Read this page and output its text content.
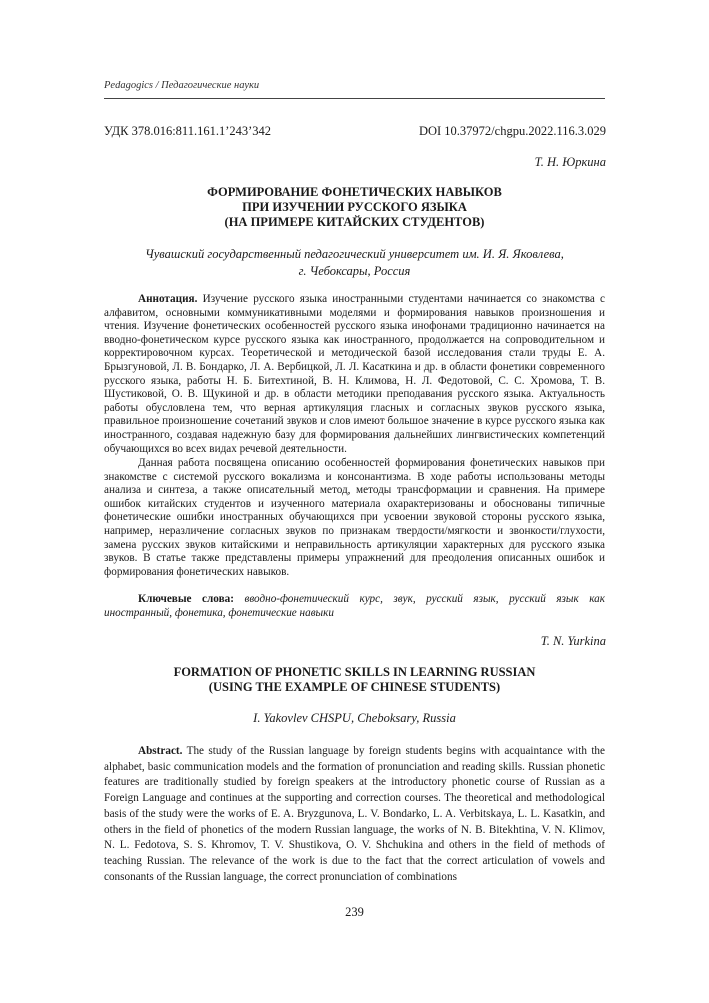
Pedagogics / Педагогические науки
УДК 378.016:811.161.1’243’342	DOI 10.37972/chgpu.2022.116.3.029
Т. Н. Юркина
ФОРМИРОВАНИЕ ФОНЕТИЧЕСКИХ НАВЫКОВ
ПРИ ИЗУЧЕНИИ РУССКОГО ЯЗЫКА
(НА ПРИМЕРЕ КИТАЙСКИХ СТУДЕНТОВ)
Чувашский государственный педагогический университет им. И. Я. Яковлева,
г. Чебоксары, Россия
Аннотация. Изучение русского языка иностранными студентами начинается со знакомства с алфавитом, основными коммуникативными моделями и формирования навыков произношения и чтения. Изучение фонетических особенностей русского языка инофонами традиционно начинается на вводно-фонетическом курсе русского языка как иностранного, продолжается на сопроводительном и корректировочном курсах. Теоретической и методической базой исследования стали труды Е. А. Брызгуновой, Л. В. Бондарко, Л. А. Вербицкой, Л. Л. Касаткина и др. в области фонетики современного русского языка, работы Н. Б. Битехтиной, В. Н. Климова, Н. Л. Федотовой, С. С. Хромова, Т. В. Шустиковой, О. В. Щукиной и др. в области методики преподавания русского языка. Актуальность работы обусловлена тем, что верная артикуляция гласных и согласных звуков русского языка, правильное произношение сочетаний звуков и слов имеют большое значение в курсе русского языка как иностранного, создавая надежную базу для формирования дальнейших лингвистических компетенций обучающихся во всех видах речевой деятельности.
Данная работа посвящена описанию особенностей формирования фонетических навыков при знакомстве с системой русского вокализма и консонантизма. В ходе работы использованы методы анализа и синтеза, а также описательный метод, методы трансформации и сравнения. На примере ошибок китайских студентов и изученного материала охарактеризованы и обоснованы типичные фонетические ошибки иностранных обучающихся при усвоении звуковой стороны русского языка, например, неразличение согласных звуков по признакам твердости/мягкости и звонкости/глухости, замена русских звуков китайскими и неправильность артикуляции характерных для русского языка звуков. В статье также представлены примеры упражнений для преодоления описанных ошибок и формирования фонетических навыков.
Ключевые слова: вводно-фонетический курс, звук, русский язык, русский язык как иностранный, фонетика, фонетические навыки
T. N. Yurkina
FORMATION OF PHONETIC SKILLS IN LEARNING RUSSIAN
(USING THE EXAMPLE OF CHINESE STUDENTS)
I. Yakovlev CHSPU, Cheboksary, Russia
Abstract. The study of the Russian language by foreign students begins with acquaintance with the alphabet, basic communication models and the formation of pronunciation and reading skills. Russian phonetic features are traditionally studied by foreign speakers at the introductory phonetic course of Russian as a Foreign Language and continues at the supporting and correction courses. The theoretical and methodological basis of the study were the works of E. A. Bryzgunova, L. V. Bondarko, L. A. Verbitskaya, L. L. Kasatkin, and others in the field of phonetics of the modern Russian language, the works of N. B. Bitekhtina, V. N. Klimov, N. L. Fedotova, S. S. Khromov, T. V. Shustikova, O. V. Shchukina and others in the field of methods of teaching Russian. The relevance of the work is due to the fact that the correct articulation of vowels and consonants of the Russian language, the correct pronunciation of combinations
239
